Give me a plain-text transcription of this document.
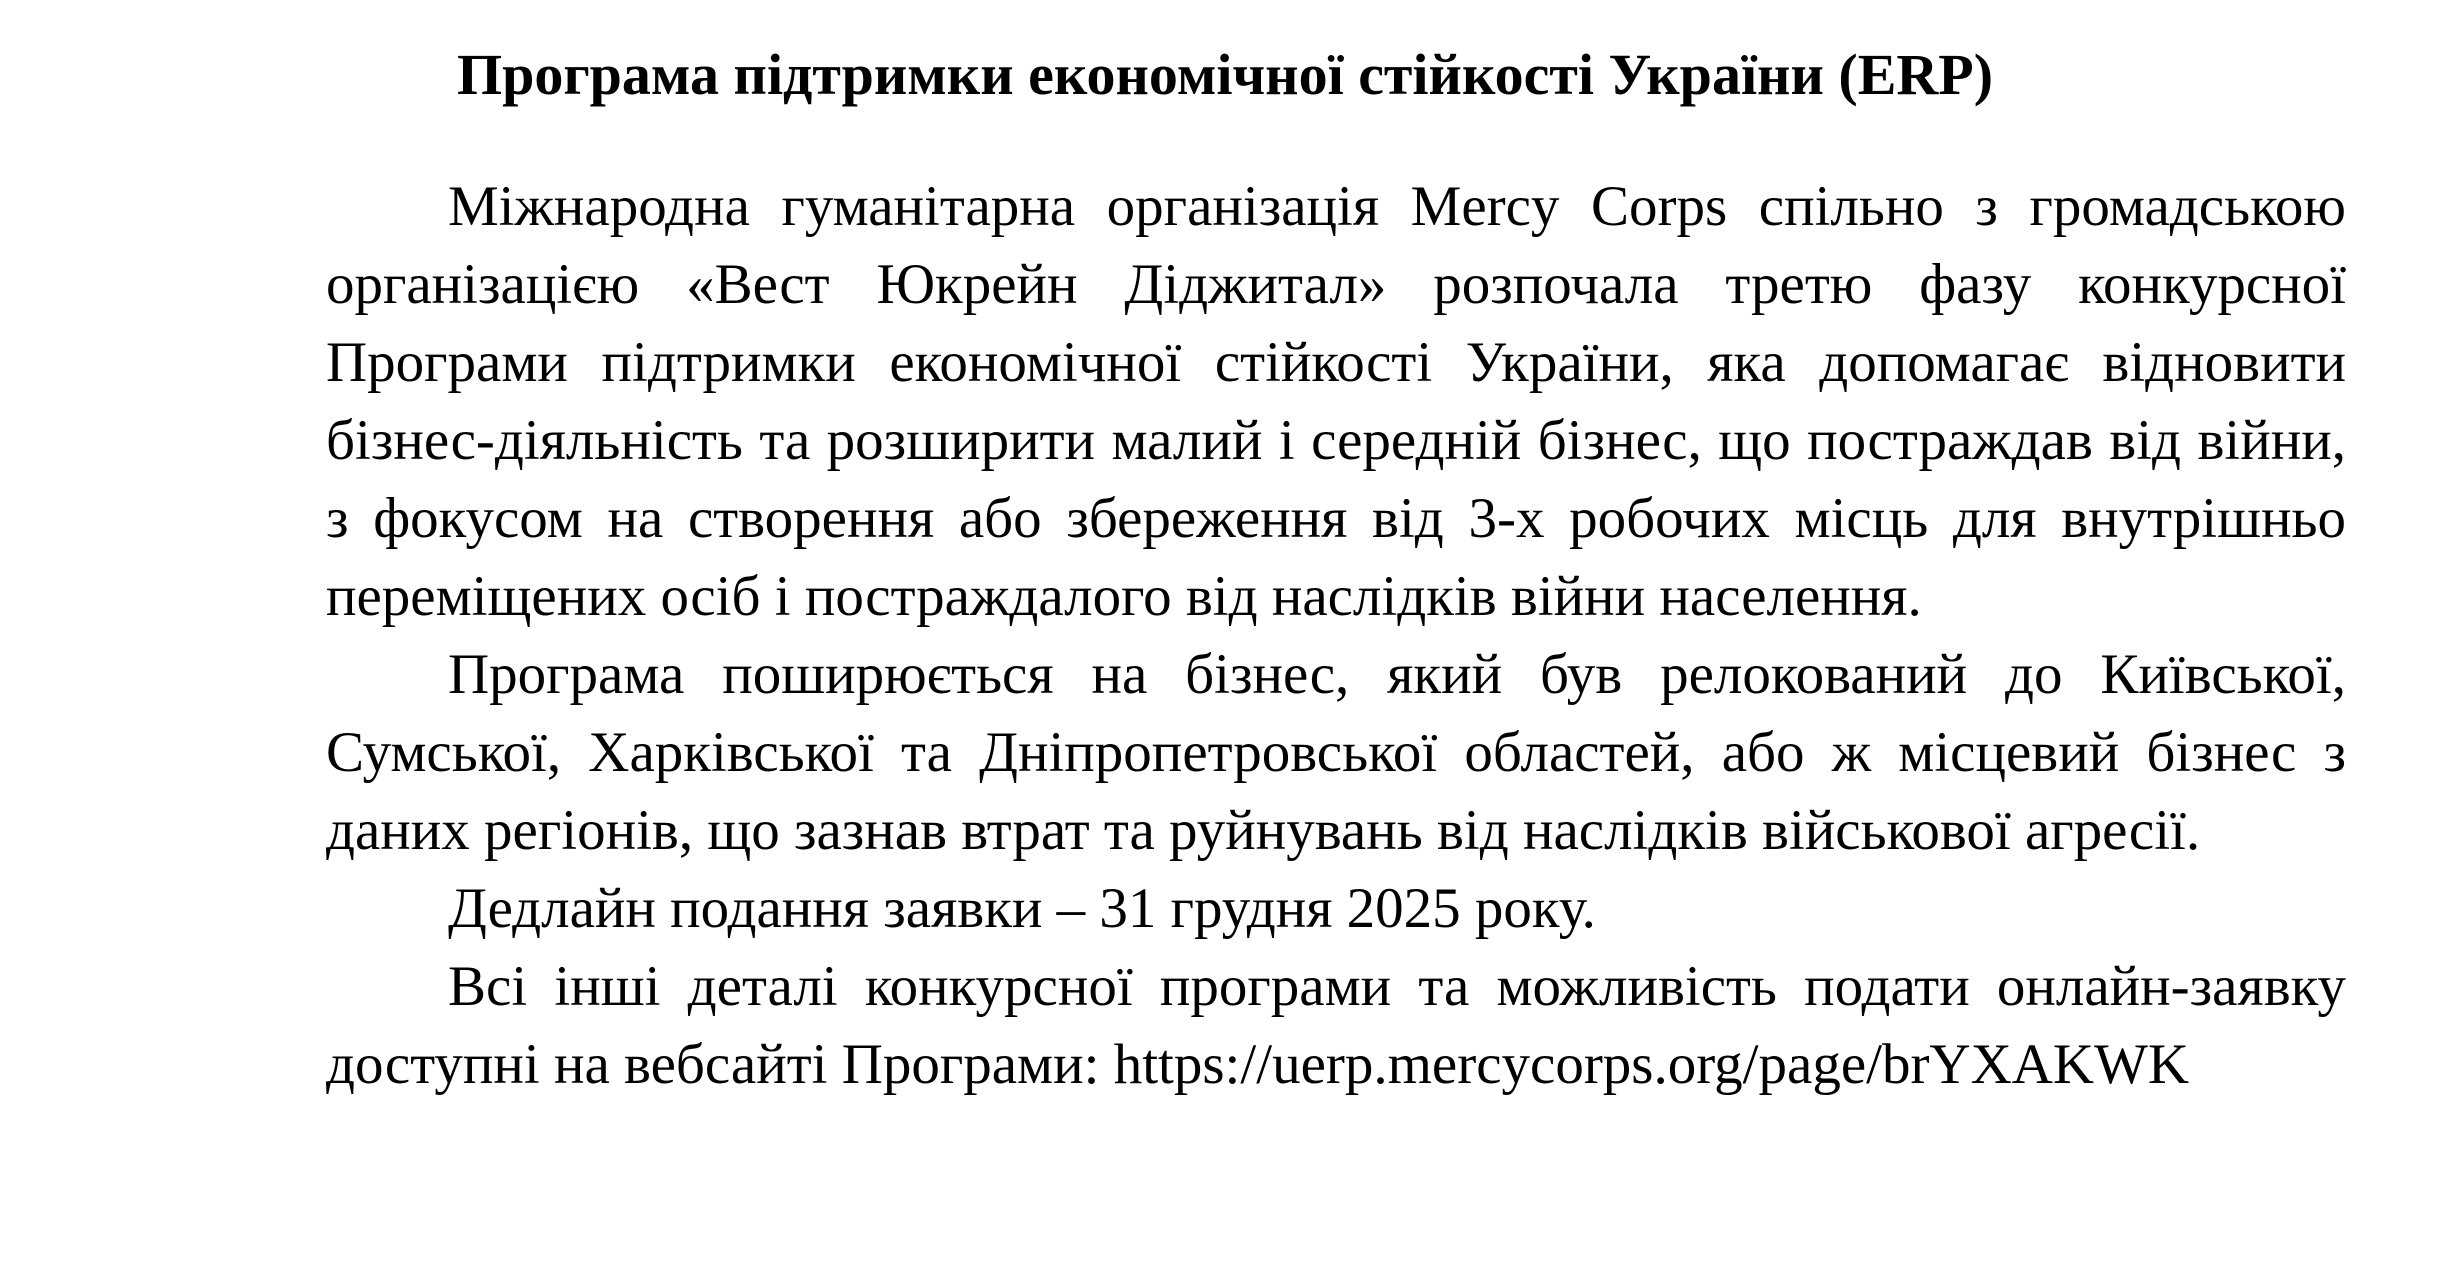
Програма підтримки економічної стійкості України (ERP)

Міжнародна гуманітарна організація Mercy Corps спільно з громадською організацією «Вест Юкрейн Діджитал» розпочала третю фазу конкурсної Програми підтримки економічної стійкості України, яка допомагає відновити бізнес-діяльність та розширити малий і середній бізнес, що постраждав від війни, з фокусом на створення або збереження від 3-х робочих місць для внутрішньо переміщених осіб і постраждалого від наслідків війни населення.

Програма поширюється на бізнес, який був релокований до Київської, Сумської, Харківської та Дніпропетровської областей, або ж місцевий бізнес з даних регіонів, що зазнав втрат та руйнувань від наслідків військової агресії.

Дедлайн подання заявки – 31 грудня 2025 року.

Всі інші деталі конкурсної програми та можливість подати онлайн-заявку доступні на вебсайті Програми: https://uerp.mercycorps.org/page/brYXAKWK
